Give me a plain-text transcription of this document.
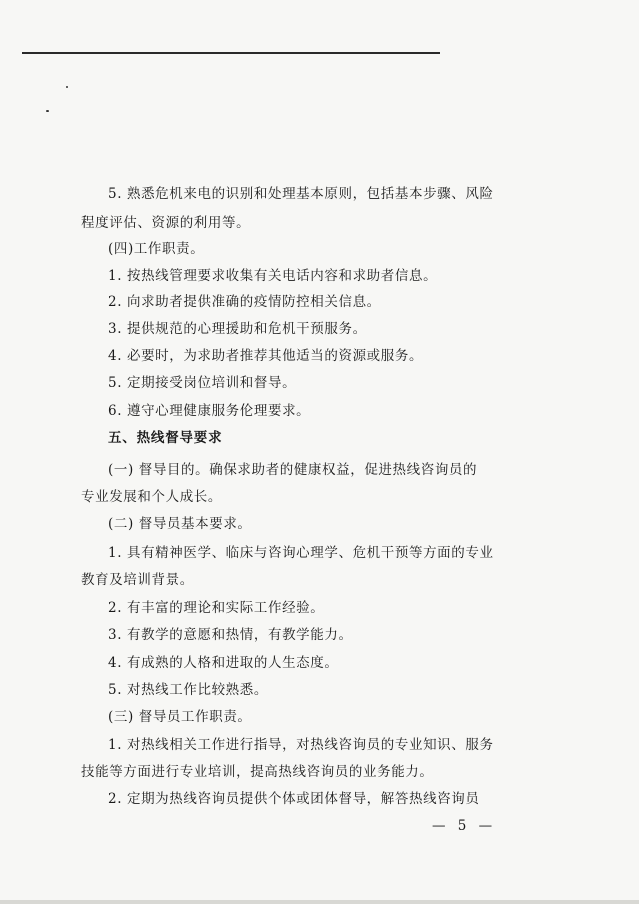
5. 熟悉危机来电的识别和处理基本原则，包括基本步骤、风险
程度评估、资源的利用等。
(四)工作职责。
1. 按热线管理要求收集有关电话内容和求助者信息。
2. 向求助者提供准确的疫情防控相关信息。
3. 提供规范的心理援助和危机干预服务。
4. 必要时，为求助者推荐其他适当的资源或服务。
5. 定期接受岗位培训和督导。
6. 遵守心理健康服务伦理要求。
五、热线督导要求
(一) 督导目的。确保求助者的健康权益，促进热线咨询员的
专业发展和个人成长。
(二) 督导员基本要求。
1. 具有精神医学、临床与咨询心理学、危机干预等方面的专业
教育及培训背景。
2. 有丰富的理论和实际工作经验。
3. 有教学的意愿和热情，有教学能力。
4. 有成熟的人格和进取的人生态度。
5. 对热线工作比较熟悉。
(三) 督导员工作职责。
1. 对热线相关工作进行指导，对热线咨询员的专业知识、服务
技能等方面进行专业培训，提高热线咨询员的业务能力。
2. 定期为热线咨询员提供个体或团体督导，解答热线咨询员
— 5 —
